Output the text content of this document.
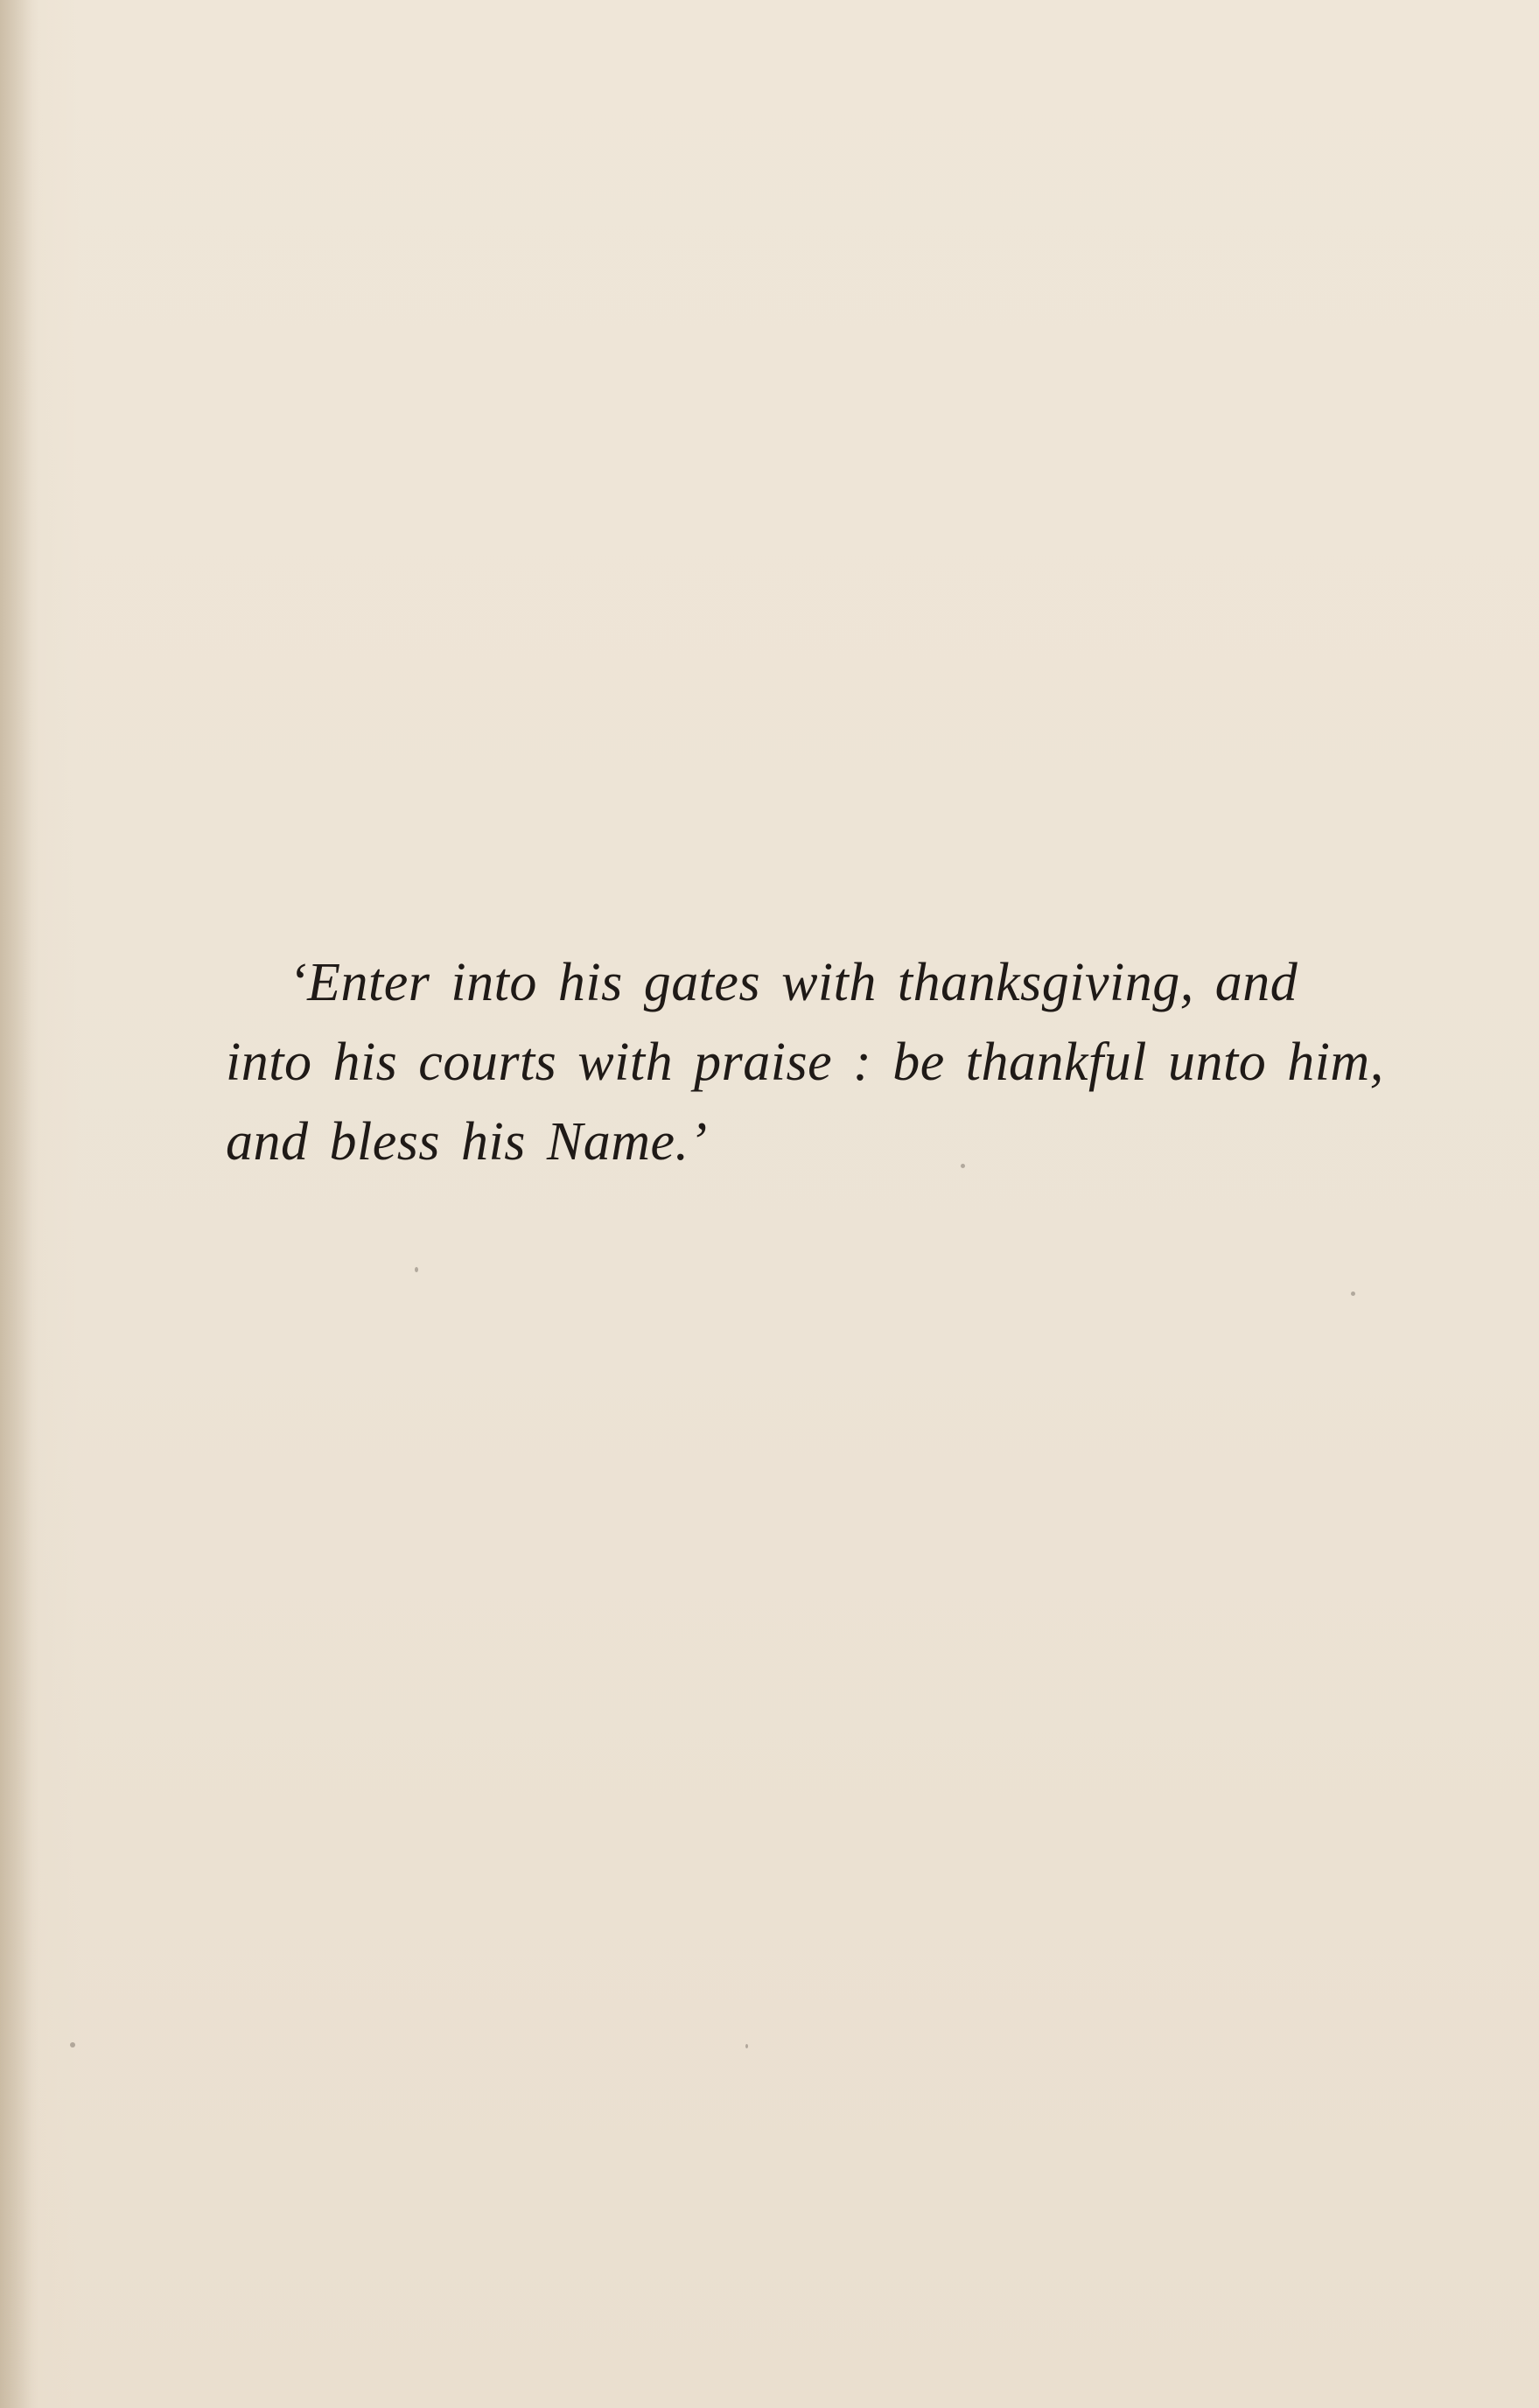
‘Enter into his gates with thanksgiving, and
into his courts with praise : be thankful unto him,
and bless his Name.’
